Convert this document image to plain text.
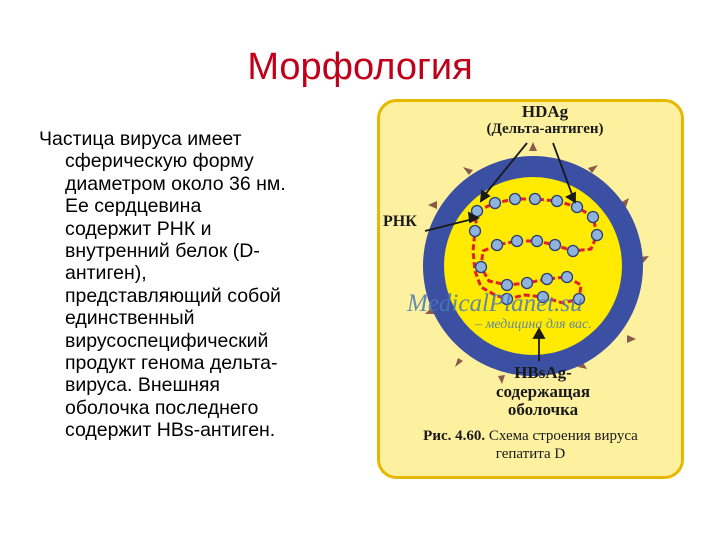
Морфология

Частица вируса имеет
сферическую форму
диаметром около 36 нм.
Ее сердцевина
содержит РНК и
внутренний белок (D-
антиген),
представляющий собой
единственный
вирусоспецифический
продукт генома дельта-
вируса. Внешняя
оболочка последнего
содержит HBs-антиген.

HDAg
(Дельта-антиген)
РНК
MedicalPlanet.su
– медицина для вас.
HBsAg-
содержащая
оболочка
Рис. 4.60. Схема строения вируса
гепатита D
